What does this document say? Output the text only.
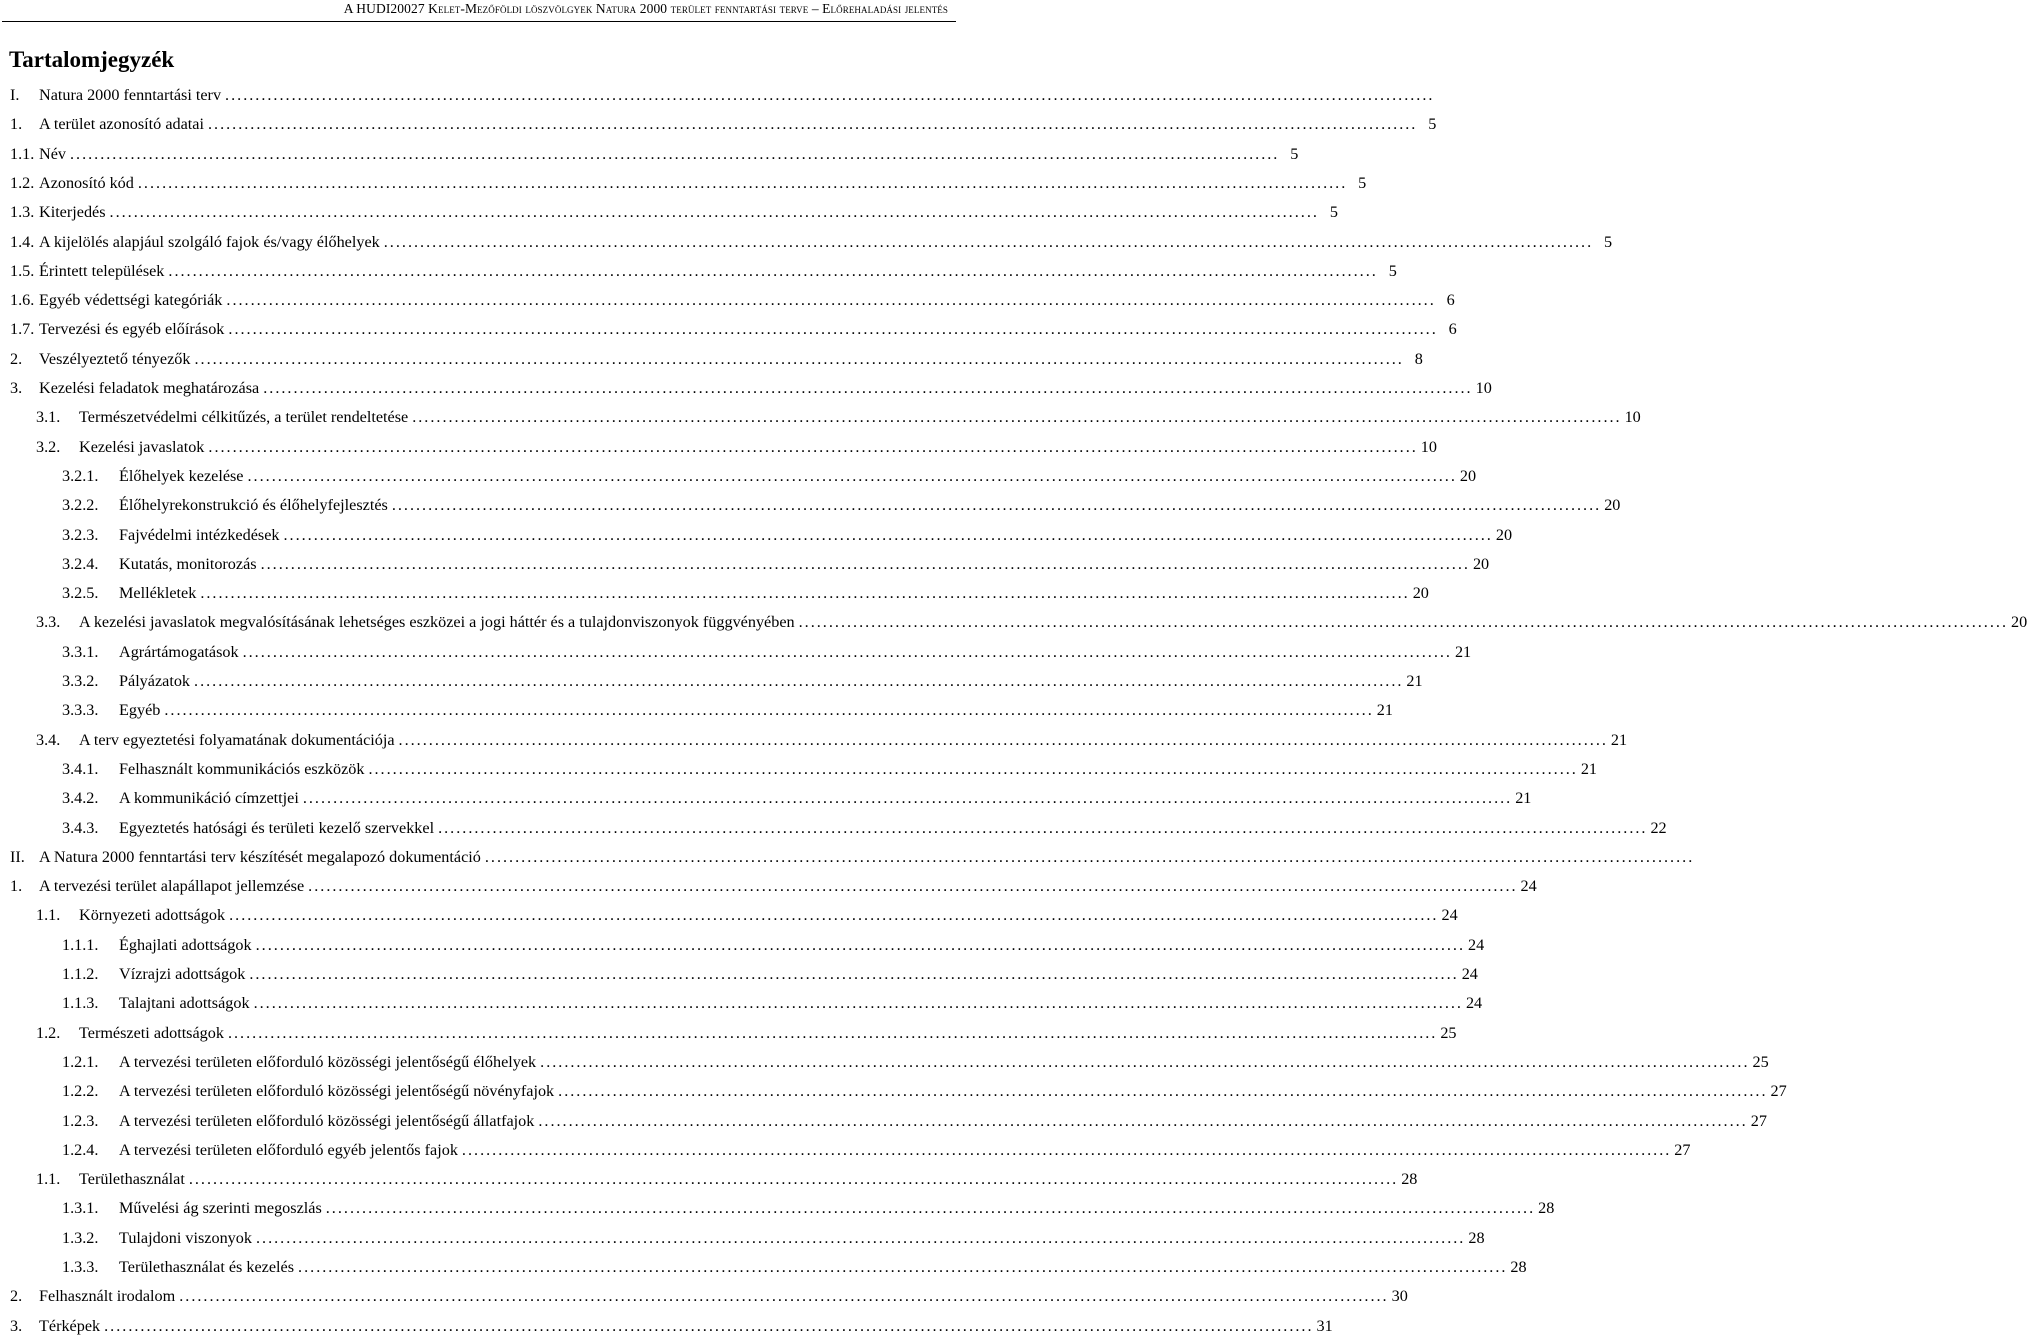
A HUDI20027 Kelet-Mezőföldi löszvölgyek Natura 2000 terület fenntartási terve – Előrehaladási jelentés
Tartalomjegyzék
I.	Natura 2000 fenntartási terv ........................................................................................................................................................................................................
1.	A terület azonosító adatai ........................................................................................................................................................................................................ 5
1.1. Név ........................................................................................................................................................................................................ 5
1.2. Azonosító kód ........................................................................................................................................................................................................ 5
1.3. Kiterjedés ........................................................................................................................................................................................................ 5
1.4. A kijelölés alapjául szolgáló fajok és/vagy élőhelyek ........................................................................................................................................................................................................ 5
1.5. Érintett települések ........................................................................................................................................................................................................ 5
1.6. Egyéb védettségi kategóriák ........................................................................................................................................................................................................ 6
1.7. Tervezési és egyéb előírások ........................................................................................................................................................................................................ 6
2.	Veszélyeztető tényezők ........................................................................................................................................................................................................ 8
3.	Kezelési feladatok meghatározása ........................................................................................................................................................................................................ 10
3.1.	Természetvédelmi célkitűzés, a terület rendeltetése ........................................................................................................................................................................................................ 10
3.2.	Kezelési javaslatok ........................................................................................................................................................................................................ 10
3.2.1.	Élőhelyek kezelése ........................................................................................................................................................................................................ 20
3.2.2.	Élőhelyrekonstrukció és élőhelyfejlesztés ........................................................................................................................................................................................................ 20
3.2.3.	Fajvédelmi intézkedések ........................................................................................................................................................................................................ 20
3.2.4.	Kutatás, monitorozás ........................................................................................................................................................................................................ 20
3.2.5.	Mellékletek ........................................................................................................................................................................................................ 20
3.3.	A kezelési javaslatok megvalósításának lehetséges eszközei a jogi háttér és a tulajdonviszonyok függvényében ........................................................................................................................................................................................................ 20
3.3.1.	Agrártámogatások ........................................................................................................................................................................................................ 21
3.3.2.	Pályázatok ........................................................................................................................................................................................................ 21
3.3.3.	Egyéb ........................................................................................................................................................................................................ 21
3.4.	A terv egyeztetési folyamatának dokumentációja ........................................................................................................................................................................................................ 21
3.4.1.	Felhasznált kommunikációs eszközök ........................................................................................................................................................................................................ 21
3.4.2.	A kommunikáció címzettjei ........................................................................................................................................................................................................ 21
3.4.3.	Egyeztetés hatósági és területi kezelő szervekkel ........................................................................................................................................................................................................ 22
II. A Natura 2000 fenntartási terv készítését megalapozó dokumentáció ........................................................................................................................................................................................................
1.	A tervezési terület alapállapot jellemzése ........................................................................................................................................................................................................ 24
1.1.	Környezeti adottságok ........................................................................................................................................................................................................ 24
1.1.1.	Éghajlati adottságok ........................................................................................................................................................................................................ 24
1.1.2.	Vízrajzi adottságok ........................................................................................................................................................................................................ 24
1.1.3.	Talajtani adottságok ........................................................................................................................................................................................................ 24
1.2.	Természeti adottságok ........................................................................................................................................................................................................ 25
1.2.1.	A tervezési területen előforduló közösségi jelentőségű élőhelyek ........................................................................................................................................................................................................ 25
1.2.2.	A tervezési területen előforduló közösségi jelentőségű növényfajok ........................................................................................................................................................................................................ 27
1.2.3.	A tervezési területen előforduló közösségi jelentőségű állatfajok ........................................................................................................................................................................................................ 27
1.2.4.	A tervezési területen előforduló egyéb jelentős fajok ........................................................................................................................................................................................................ 27
1.1.	Területhasználat ........................................................................................................................................................................................................ 28
1.3.1.	Művelési ág szerinti megoszlás ........................................................................................................................................................................................................ 28
1.3.2.	Tulajdoni viszonyok ........................................................................................................................................................................................................ 28
1.3.3.	Területhasználat és kezelés ........................................................................................................................................................................................................ 28
2.	Felhasznált irodalom ........................................................................................................................................................................................................ 30
3.	Térképek ........................................................................................................................................................................................................ 31
